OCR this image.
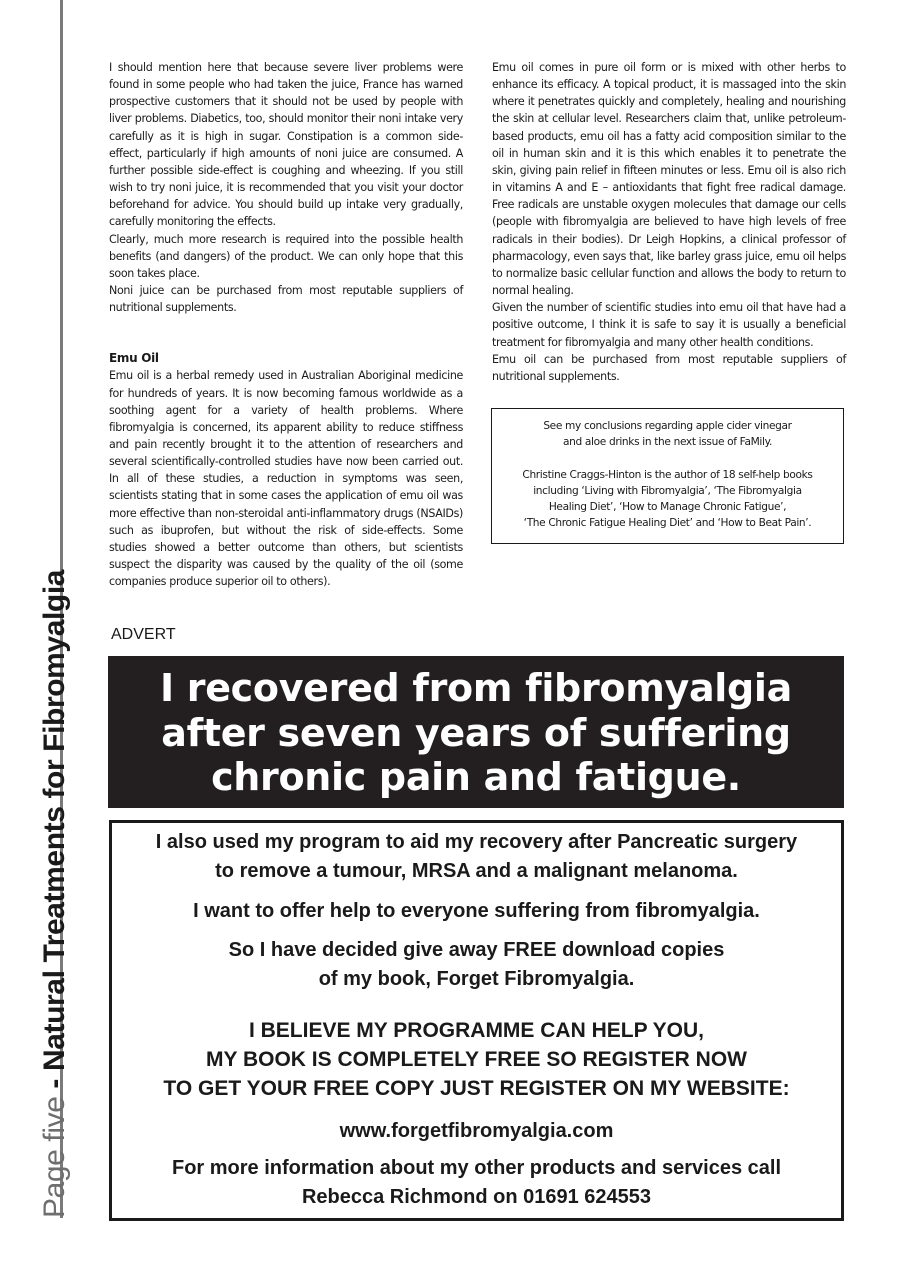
Page five - Natural Treatments for Fibromyalgia

I should mention here that because severe liver problems were found in some people who had taken the juice, France has warned prospective customers that it should not be used by people with liver problems. Diabetics, too, should monitor their noni intake very carefully as it is high in sugar. Constipation is a common side-effect, particularly if high amounts of noni juice are consumed. A further possible side-effect is coughing and wheezing. If you still wish to try noni juice, it is recommended that you visit your doctor beforehand for advice. You should build up intake very gradually, carefully monitoring the effects.

Clearly, much more research is required into the possible health benefits (and dangers) of the product. We can only hope that this soon takes place.

Noni juice can be purchased from most reputable suppliers of nutritional supplements.

Emu Oil

Emu oil is a herbal remedy used in Australian Aboriginal medicine for hundreds of years. It is now becoming famous worldwide as a soothing agent for a variety of health problems. Where fibromyalgia is concerned, its apparent ability to reduce stiffness and pain recently brought it to the attention of researchers and several scientifically-controlled studies have now been carried out. In all of these studies, a reduction in symptoms was seen, scientists stating that in some cases the application of emu oil was more effective than non-steroidal anti-inflammatory drugs (NSAIDs) such as ibuprofen, but without the risk of side-effects. Some studies showed a better outcome than others, but scientists suspect the disparity was caused by the quality of the oil (some companies produce superior oil to others).

Emu oil comes in pure oil form or is mixed with other herbs to enhance its efficacy. A topical product, it is massaged into the skin where it penetrates quickly and completely, healing and nourishing the skin at cellular level. Researchers claim that, unlike petroleum-based products, emu oil has a fatty acid composition similar to the oil in human skin and it is this which enables it to penetrate the skin, giving pain relief in fifteen minutes or less. Emu oil is also rich in vitamins A and E – antioxidants that fight free radical damage. Free radicals are unstable oxygen molecules that damage our cells (people with fibromyalgia are believed to have high levels of free radicals in their bodies). Dr Leigh Hopkins, a clinical professor of pharmacology, even says that, like barley grass juice, emu oil helps to normalize basic cellular function and allows the body to return to normal healing.

Given the number of scientific studies into emu oil that have had a positive outcome, I think it is safe to say it is usually a beneficial treatment for fibromyalgia and many other health conditions.

Emu oil can be purchased from most reputable suppliers of nutritional supplements.

See my conclusions regarding apple cider vinegar

and aloe drinks in the next issue of FaMily.

Christine Craggs-Hinton is the author of 18 self-help books

including ‘Living with Fibromyalgia’, ‘The Fibromyalgia

Healing Diet’, ‘How to Manage Chronic Fatigue’,

‘The Chronic Fatigue Healing Diet’ and ‘How to Beat Pain’.

ADVERT
I recovered from fibromyalgia
after seven years of suffering
chronic pain and fatigue.
I also used my program to aid my recovery after Pancreatic surgery
to remove a tumour, MRSA and a malignant melanoma.
I want to offer help to everyone suffering from fibromyalgia.
So I have decided give away FREE download copies
of my book, Forget Fibromyalgia.
I BELIEVE MY PROGRAMME CAN HELP YOU,
MY BOOK IS COMPLETELY FREE SO REGISTER NOW
TO GET YOUR FREE COPY JUST REGISTER ON MY WEBSITE:
www.forgetfibromyalgia.com
For more information about my other products and services call
Rebecca Richmond on 01691 624553
